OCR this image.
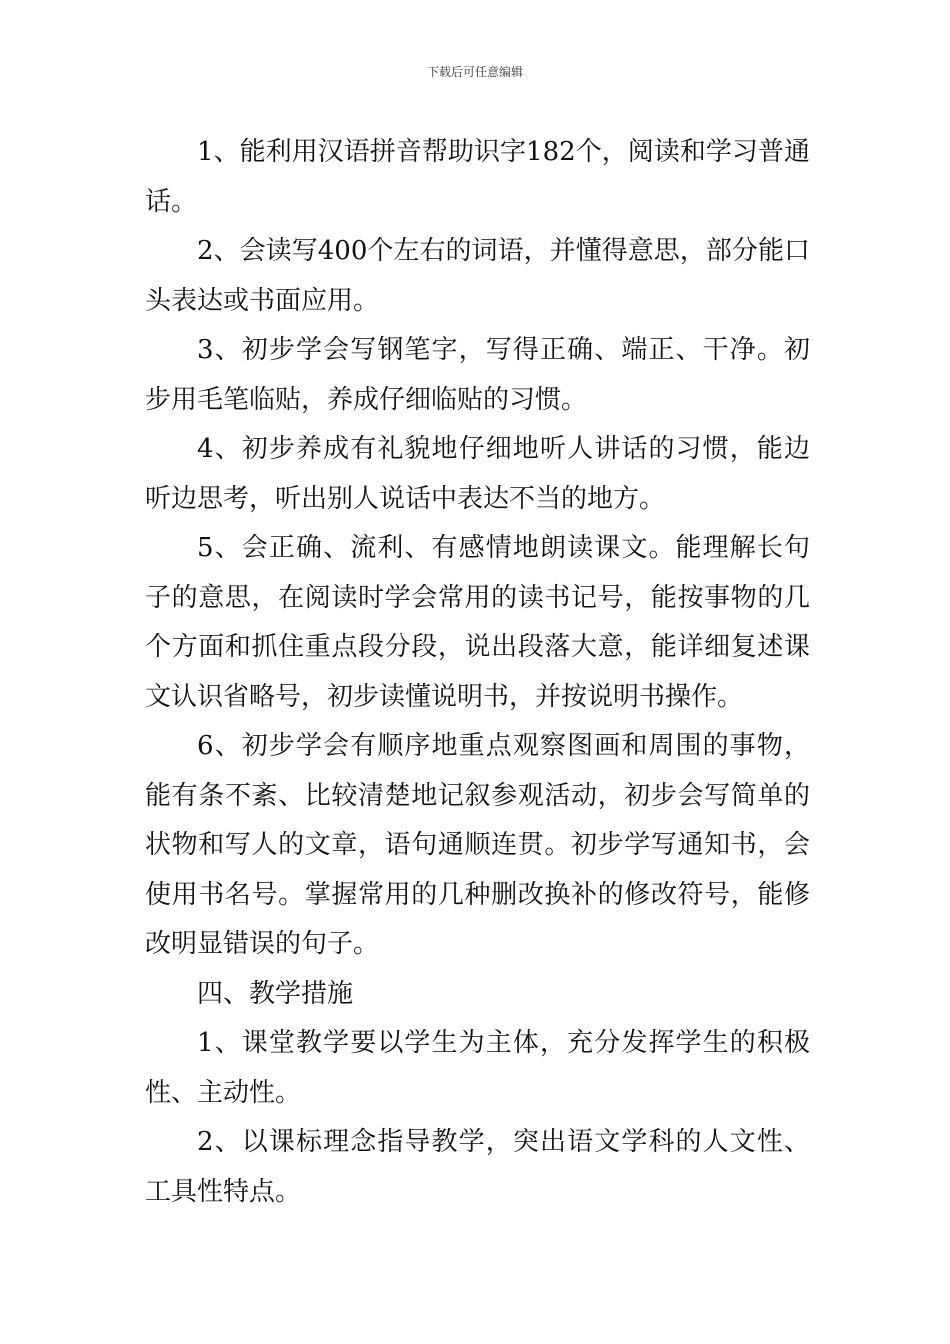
下载后可任意编辑

1、能利用汉语拼音帮助识字182个，阅读和学习普通话。

2、会读写400个左右的词语，并懂得意思，部分能口头表达或书面应用。

3、初步学会写钢笔字，写得正确、端正、干净。初步用毛笔临贴，养成仔细临贴的习惯。

4、初步养成有礼貌地仔细地听人讲话的习惯，能边听边思考，听出别人说话中表达不当的地方。

5、会正确、流利、有感情地朗读课文。能理解长句子的意思，在阅读时学会常用的读书记号，能按事物的几个方面和抓住重点段分段，说出段落大意，能详细复述课文认识省略号，初步读懂说明书，并按说明书操作。

6、初步学会有顺序地重点观察图画和周围的事物，能有条不紊、比较清楚地记叙参观活动，初步会写简单的状物和写人的文章，语句通顺连贯。初步学写通知书，会使用书名号。掌握常用的几种删改换补的修改符号，能修改明显错误的句子。

四、教学措施

1、课堂教学要以学生为主体，充分发挥学生的积极性、主动性。

2、以课标理念指导教学，突出语文学科的人文性、工具性特点。
